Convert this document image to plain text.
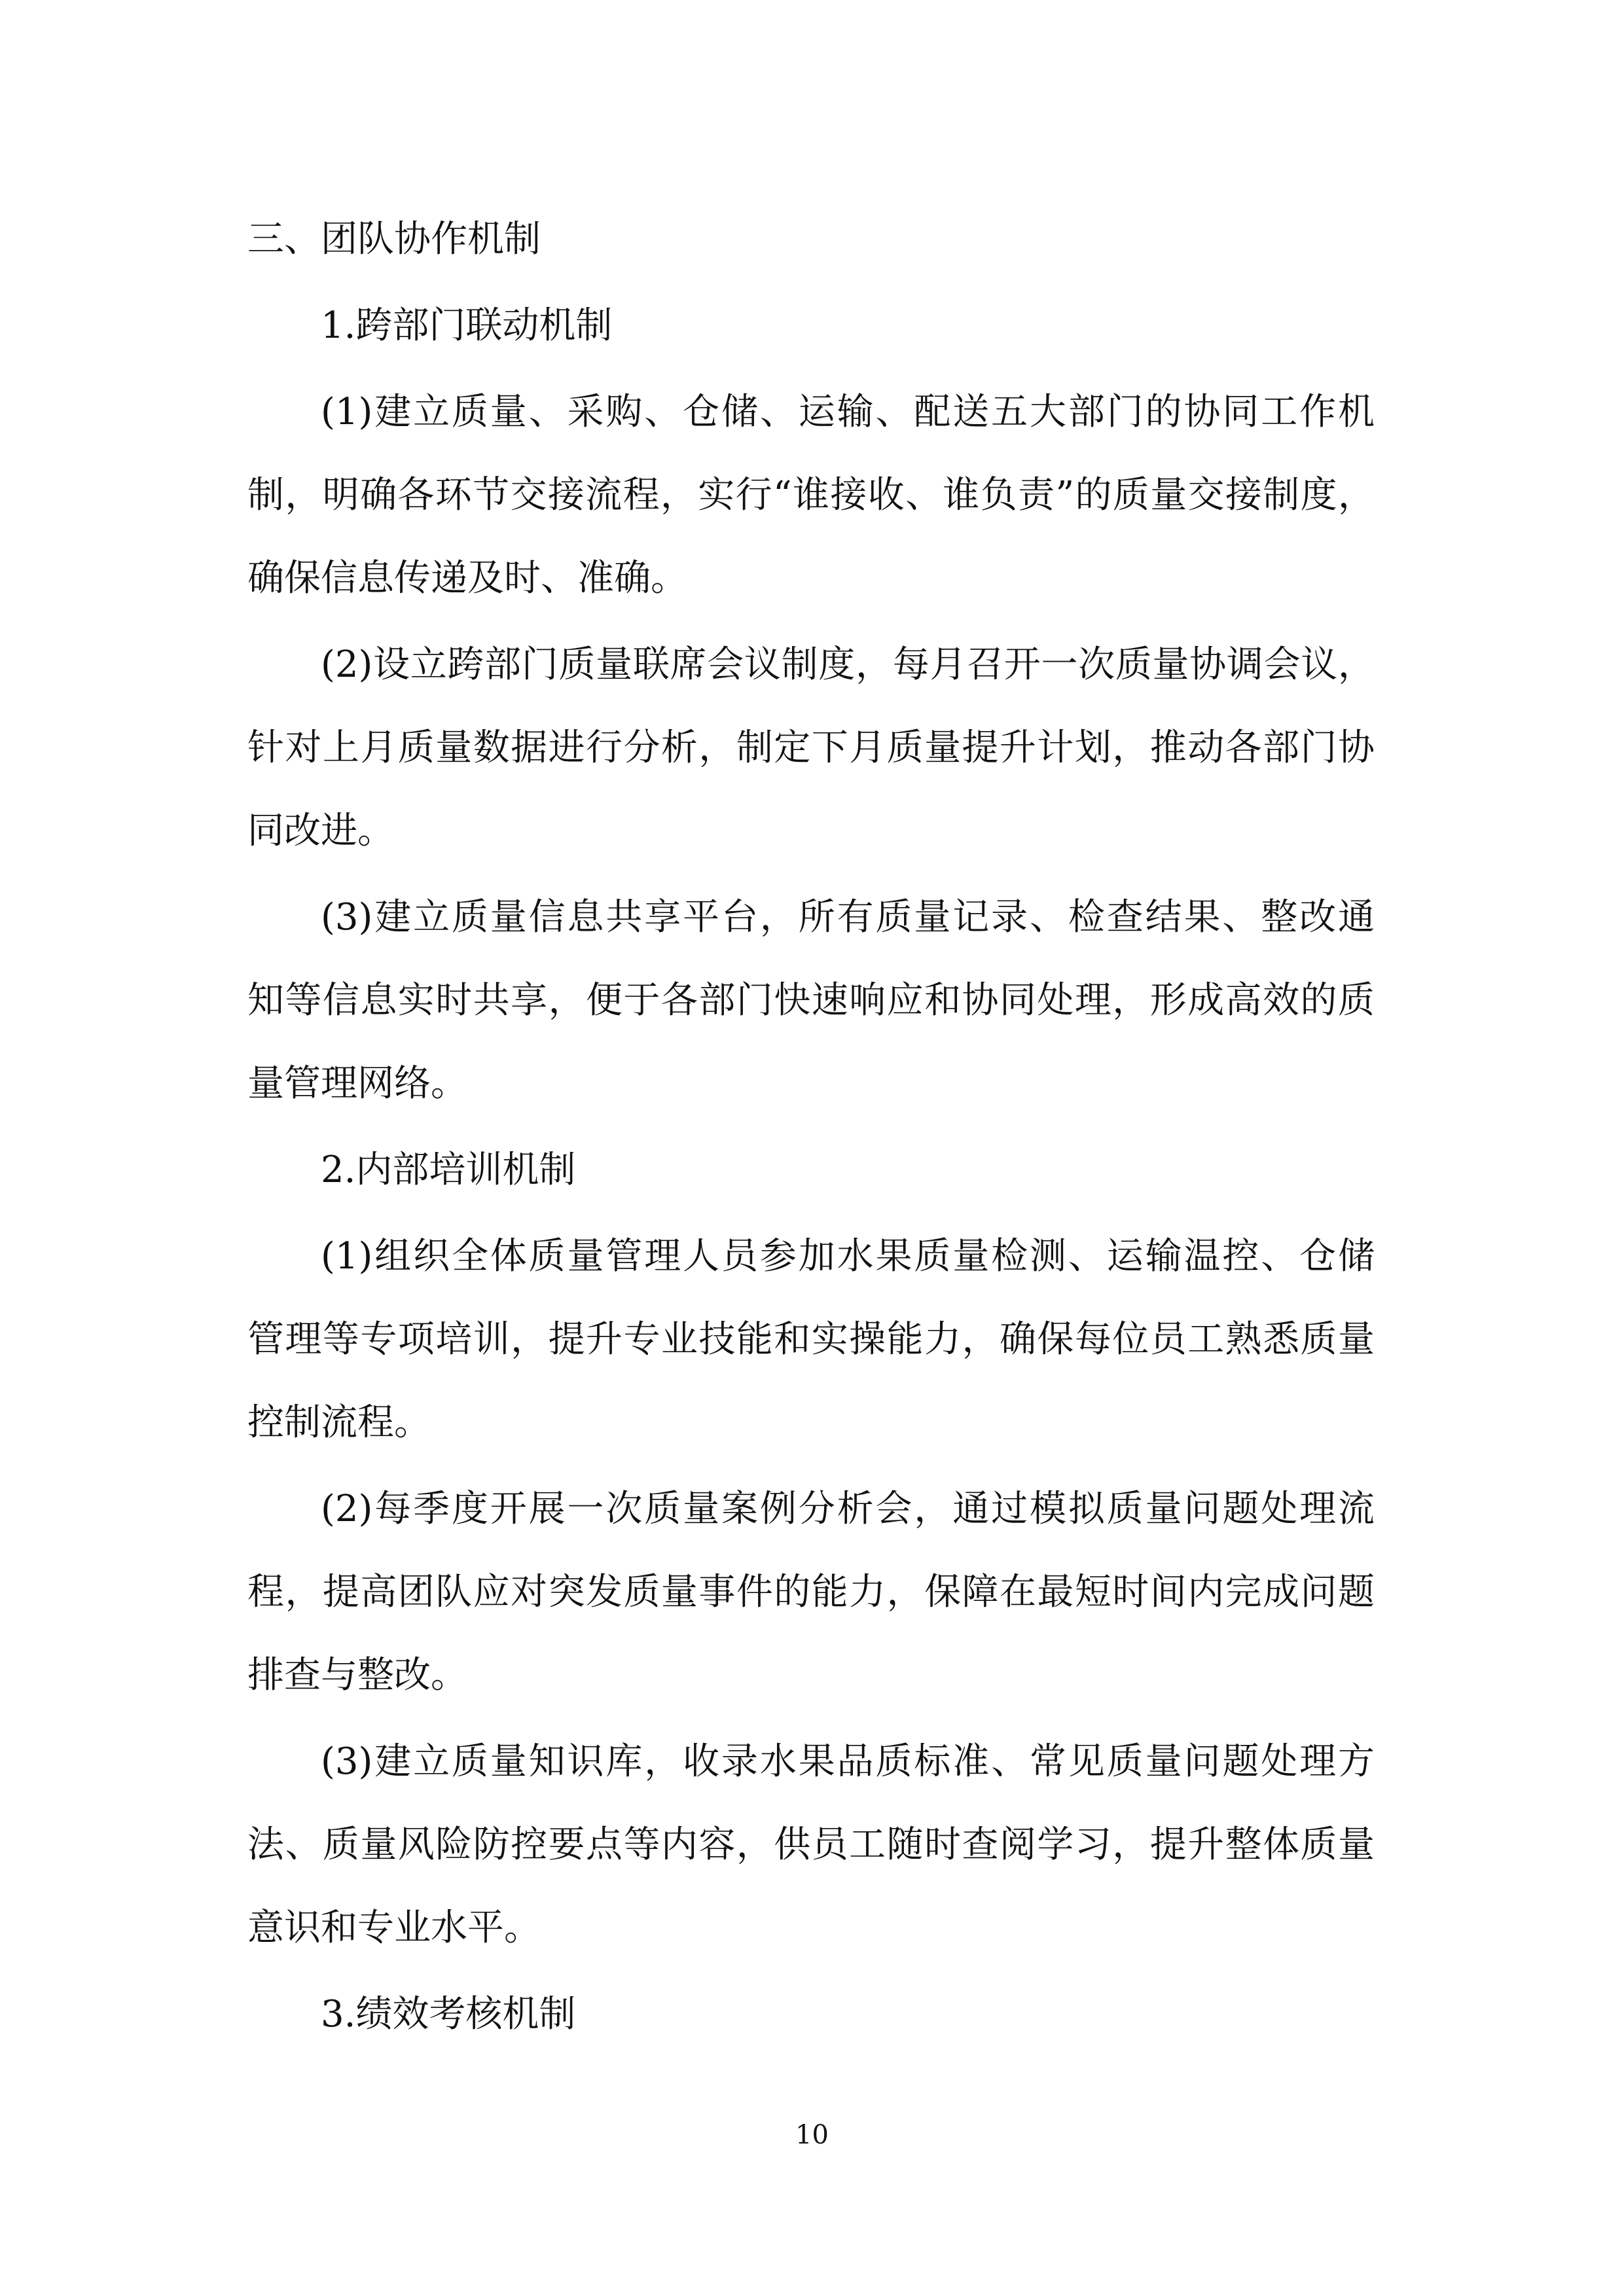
三、团队协作机制
1.跨部门联动机制
(1)建立质量、采购、仓储、运输、配送五大部门的协同工作机
制，明确各环节交接流程，实行“谁接收、谁负责”的质量交接制度，
确保信息传递及时、准确。
(2)设立跨部门质量联席会议制度，每月召开一次质量协调会议，
针对上月质量数据进行分析，制定下月质量提升计划，推动各部门协
同改进。
(3)建立质量信息共享平台，所有质量记录、检查结果、整改通
知等信息实时共享，便于各部门快速响应和协同处理，形成高效的质
量管理网络。
2.内部培训机制
(1)组织全体质量管理人员参加水果质量检测、运输温控、仓储
管理等专项培训，提升专业技能和实操能力，确保每位员工熟悉质量
控制流程。
(2)每季度开展一次质量案例分析会，通过模拟质量问题处理流
程，提高团队应对突发质量事件的能力，保障在最短时间内完成问题
排查与整改。
(3)建立质量知识库，收录水果品质标准、常见质量问题处理方
法、质量风险防控要点等内容，供员工随时查阅学习，提升整体质量
意识和专业水平。
3.绩效考核机制
10
